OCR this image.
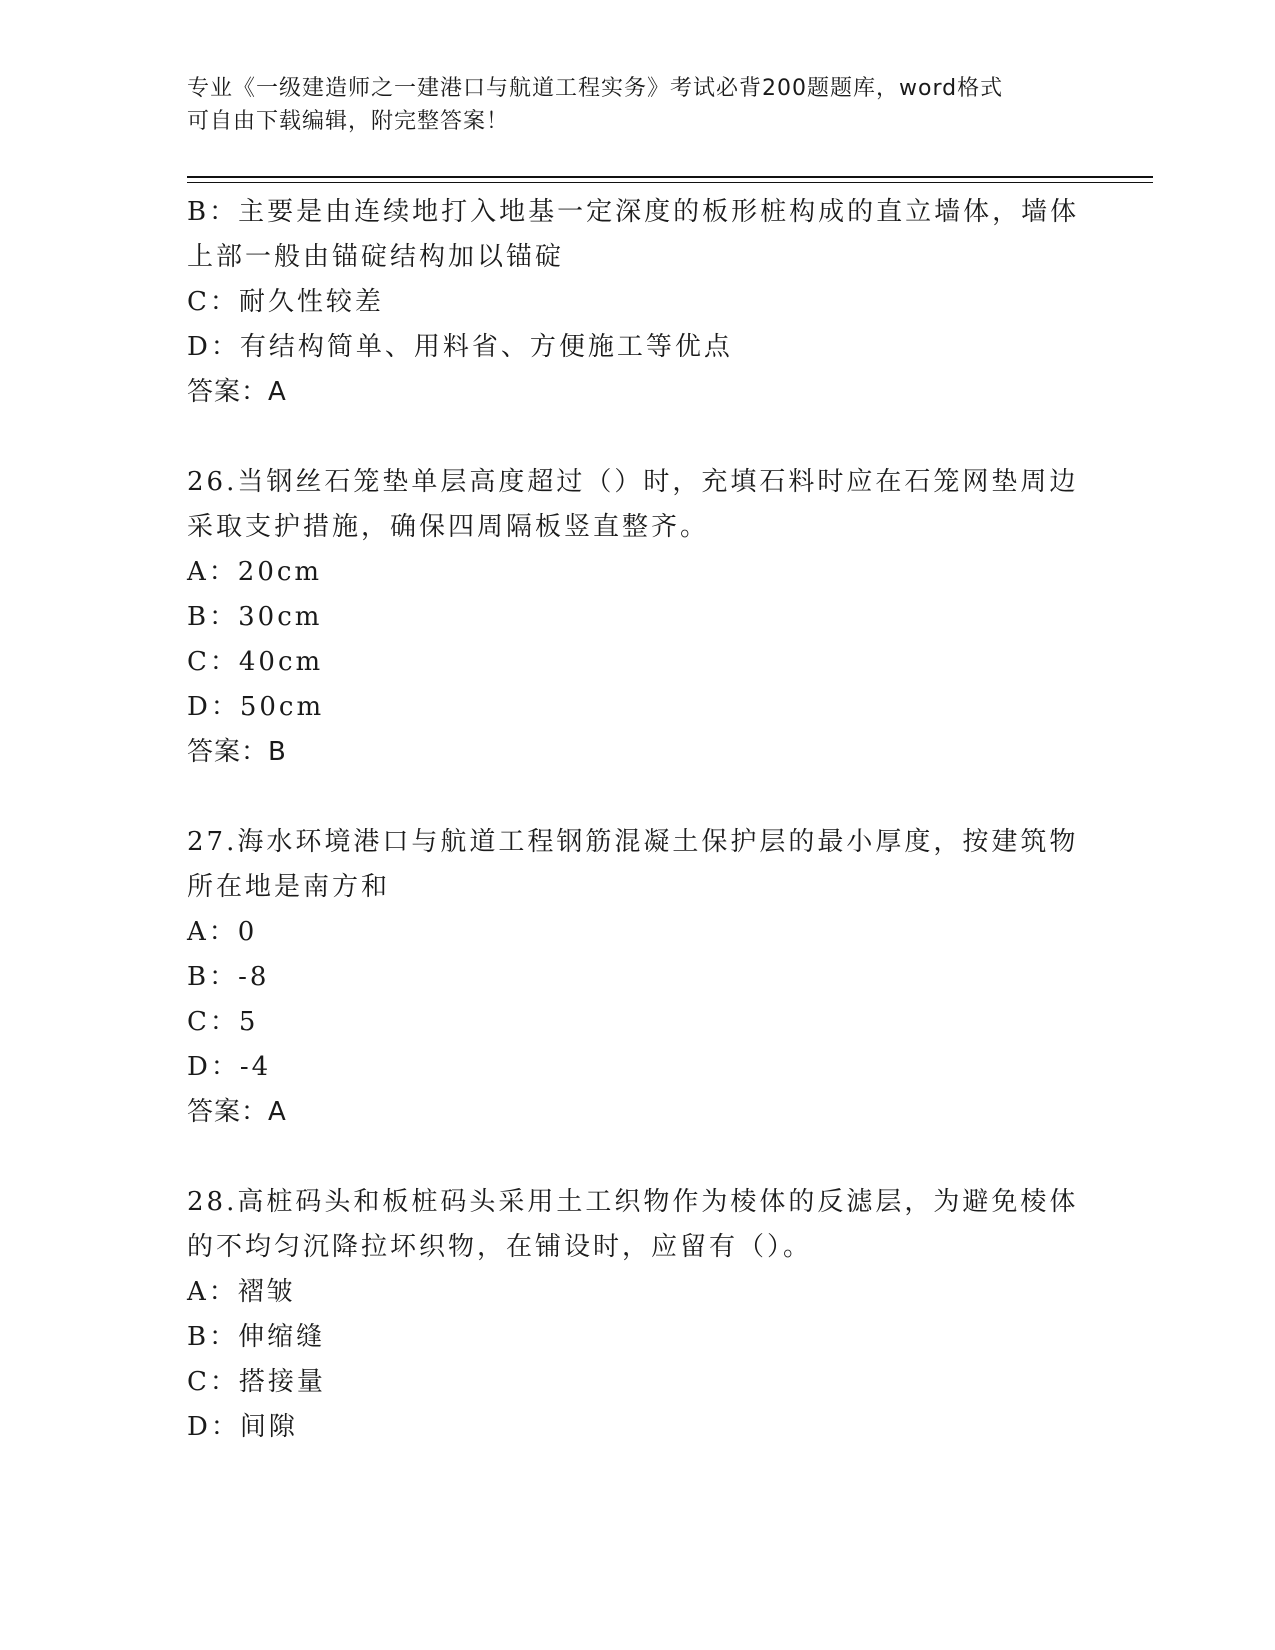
专业《一级建造师之一建港口与航道工程实务》考试必背200题题库，word格式
可自由下载编辑，附完整答案！
B：主要是由连续地打入地基一定深度的板形桩构成的直立墙体，墙体
上部一般由锚碇结构加以锚碇
C：耐久性较差
D：有结构简单、用料省、方便施工等优点
答案：A
26.当钢丝石笼垫单层高度超过（）时，充填石料时应在石笼网垫周边
采取支护措施，确保四周隔板竖直整齐。
A：20cm
B：30cm
C：40cm
D：50cm
答案：B
27.海水环境港口与航道工程钢筋混凝土保护层的最小厚度，按建筑物
所在地是南方和
A：0
B：-8
C：5
D：-4
答案：A
28.高桩码头和板桩码头采用土工织物作为棱体的反滤层，为避免棱体
的不均匀沉降拉坏织物，在铺设时，应留有（）。
A：褶皱
B：伸缩缝
C：搭接量
D：间隙
